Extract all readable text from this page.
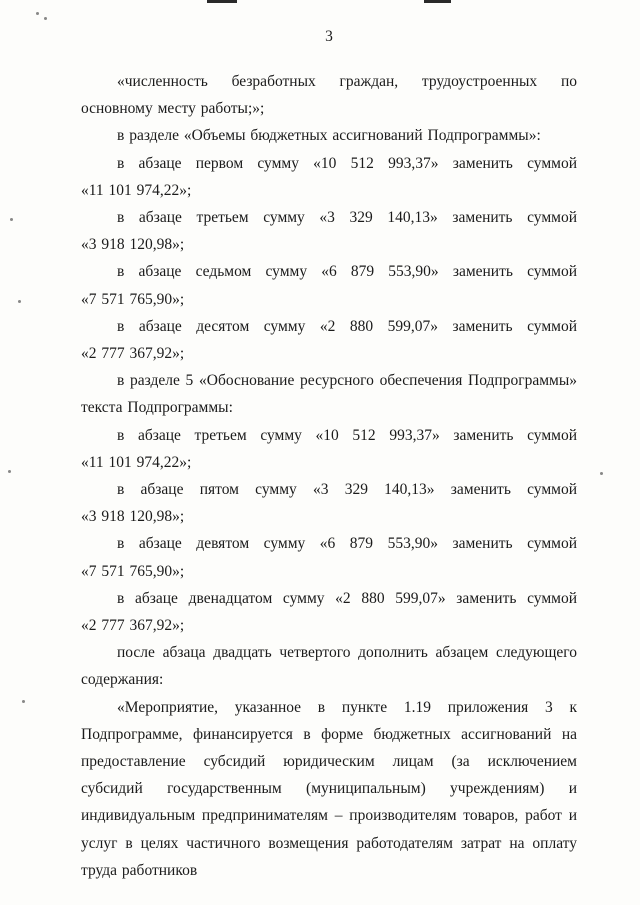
3

«численность безработных граждан, трудоустроенных по основному месту работы;»;

в разделе «Объемы бюджетных ассигнований Подпрограммы»:

в абзаце первом сумму «10 512 993,37» заменить суммой «11 101 974,22»;

в абзаце третьем сумму «3 329 140,13» заменить суммой «3 918 120,98»;

в абзаце седьмом сумму «6 879 553,90» заменить суммой «7 571 765,90»;

в абзаце десятом сумму «2 880 599,07» заменить суммой «2 777 367,92»;

в разделе 5 «Обоснование ресурсного обеспечения Подпрограммы» текста Подпрограммы:

в абзаце третьем сумму «10 512 993,37» заменить суммой «11 101 974,22»;

в абзаце пятом сумму «3 329 140,13» заменить суммой «3 918 120,98»;

в абзаце девятом сумму «6 879 553,90» заменить суммой «7 571 765,90»;

в абзаце двенадцатом сумму «2 880 599,07» заменить суммой «2 777 367,92»;

после абзаца двадцать четвертого дополнить абзацем следующего содержания:

«Мероприятие, указанное в пункте 1.19 приложения 3 к Подпрограмме, финансируется в форме бюджетных ассигнований на предоставление субсидий юридическим лицам (за исключением субсидий государственным (муниципальным) учреждениям) и индивидуальным предпринимателям – производителям товаров, работ и услуг в целях частичного возмещения работодателям затрат на оплату труда работников
